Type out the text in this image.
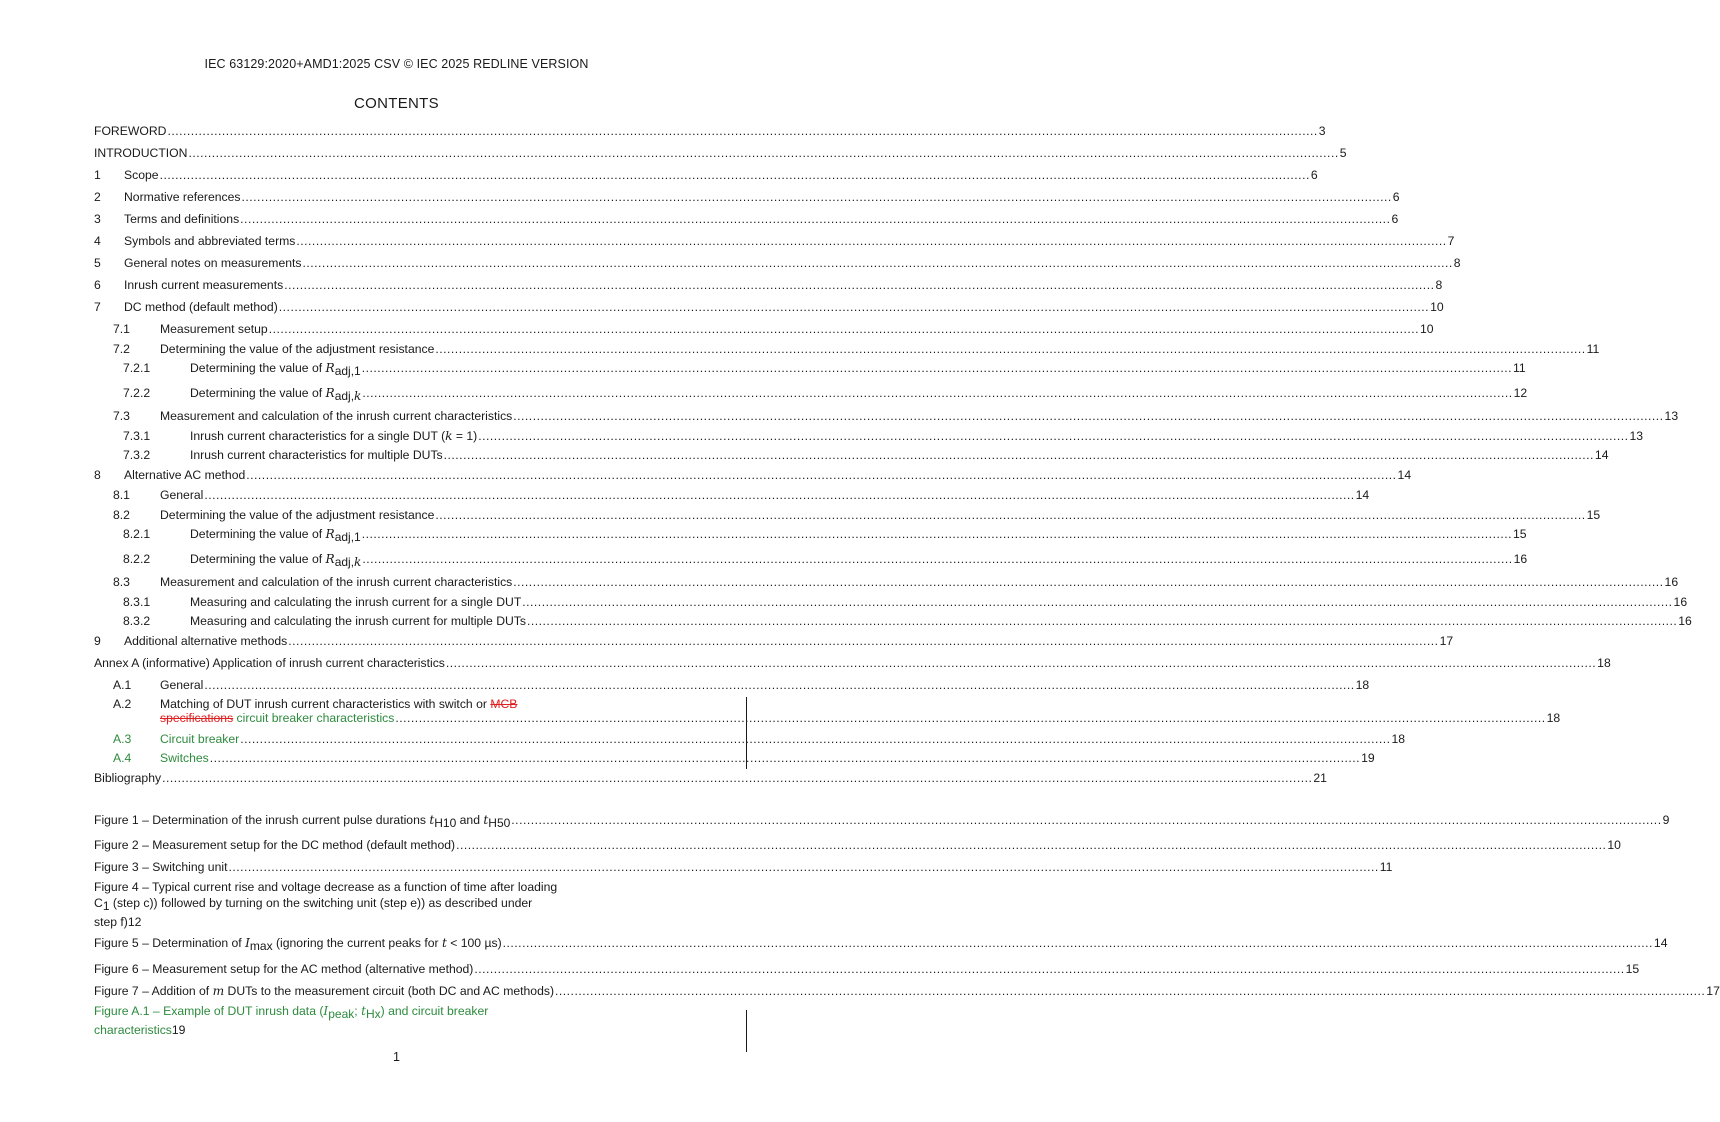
IEC 63129:2020+AMD1:2025 CSV © IEC 2025 REDLINE VERSION
CONTENTS
FOREWORD .....	3
INTRODUCTION .....	5
1	Scope .....	6
2	Normative references .....	6
3	Terms and definitions .....	6
4	Symbols and abbreviated terms .....	7
5	General notes on measurements .....	8
6	Inrush current measurements .....	8
7	DC method (default method) .....	10
7.1	Measurement setup .....	10
7.2	Determining the value of the adjustment resistance .....	11
7.2.1	Determining the value of Radj,1 .....	11
7.2.2	Determining the value of Radj,k .....	12
7.3	Measurement and calculation of the inrush current characteristics .....	13
7.3.1	Inrush current characteristics for a single DUT (k = 1) .....	13
7.3.2	Inrush current characteristics for multiple DUTs .....	14
8	Alternative AC method .....	14
8.1	General .....	14
8.2	Determining the value of the adjustment resistance .....	15
8.2.1	Determining the value of Radj,1 .....	15
8.2.2	Determining the value of Radj,k .....	16
8.3	Measurement and calculation of the inrush current characteristics .....	16
8.3.1	Measuring and calculating the inrush current for a single DUT .....	16
8.3.2	Measuring and calculating the inrush current for multiple DUTs .....	16
9	Additional alternative methods .....	17
Annex A (informative) Application of inrush current characteristics .....	18
A.1	General .....	18
A.2	Matching of DUT inrush current characteristics with switch or MCB
specifications circuit breaker characteristics .....	18
A.3	Circuit breaker .....	18
A.4	Switches .....	19
Bibliography .....	21
Figure 1 – Determination of the inrush current pulse durations tH10 and tH50 .....	9
Figure 2 – Measurement setup for the DC method (default method) .....	10
Figure 3 – Switching unit .....	11
Figure 4 – Typical current rise and voltage decrease as a function of time after loading
C1 (step c)) followed by turning on the switching unit (step e)) as described under
step f) 12
Figure 5 – Determination of Imax (ignoring the current peaks for t < 100 µs) .....	14
Figure 6 – Measurement setup for the AC method (alternative method) .....	15
Figure 7 – Addition of m DUTs to the measurement circuit (both DC and AC methods) .....	17
Figure A.1 – Example of DUT inrush data (Ipeak; tHx) and circuit breaker
characteristics 19
1
